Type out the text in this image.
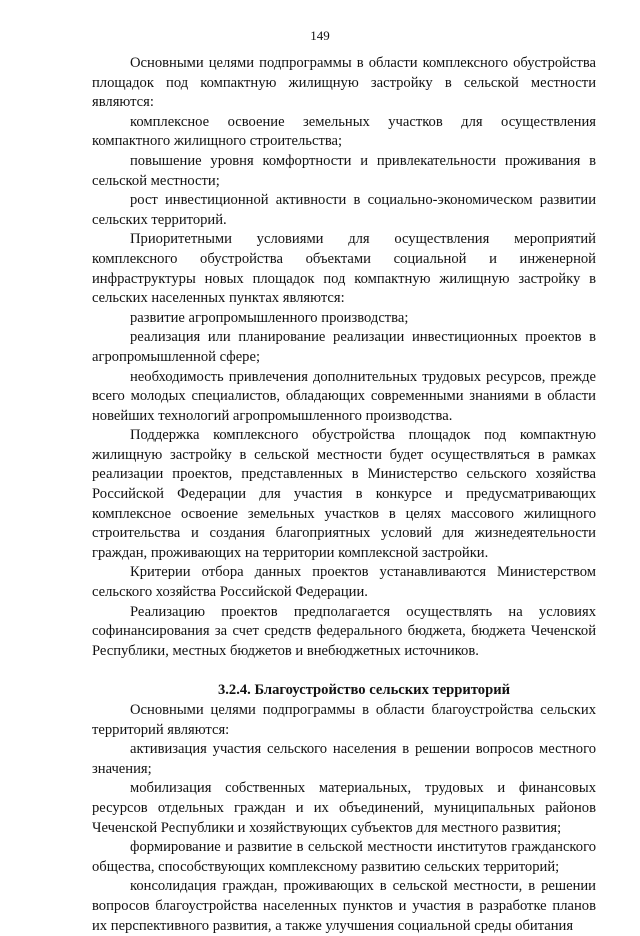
149

Основными целями подпрограммы в области комплексного обустройства площадок под компактную жилищную застройку в сельской местности являются:

комплексное освоение земельных участков для осуществления компактного жилищного строительства;

повышение уровня комфортности и привлекательности проживания в сельской местности;

рост инвестиционной активности в социально-экономическом развитии сельских территорий.

Приоритетными условиями для осуществления мероприятий комплексного обустройства объектами социальной и инженерной инфраструктуры новых площадок под компактную жилищную застройку в сельских населенных пунктах являются:

развитие агропромышленного производства;

реализация или планирование реализации инвестиционных проектов в агропромышленной сфере;

необходимость привлечения дополнительных трудовых ресурсов, прежде всего молодых специалистов, обладающих современными знаниями в области новейших технологий агропромышленного производства.

Поддержка комплексного обустройства площадок под компактную жилищную застройку в сельской местности будет осуществляться в рамках реализации проектов, представленных в Министерство сельского хозяйства Российской Федерации для участия в конкурсе и предусматривающих комплексное освоение земельных участков в целях массового жилищного строительства и создания благоприятных условий для жизнедеятельности граждан, проживающих на территории комплексной застройки.

Критерии отбора данных проектов устанавливаются Министерством сельского хозяйства Российской Федерации.

Реализацию проектов предполагается осуществлять на условиях софинансирования за счет средств федерального бюджета, бюджета Чеченской Республики, местных бюджетов и внебюджетных источников.

3.2.4. Благоустройство сельских территорий

Основными целями подпрограммы в области благоустройства сельских территорий являются:

активизация участия сельского населения в решении вопросов местного значения;

мобилизация собственных материальных, трудовых и финансовых ресурсов отдельных граждан и их объединений, муниципальных районов Чеченской Республики и хозяйствующих субъектов для местного развития;

формирование и развитие в сельской местности институтов гражданского общества, способствующих комплексному развитию сельских территорий;

консолидация граждан, проживающих в сельской местности, в решении вопросов благоустройства населенных пунктов и участия в разработке планов их перспективного развития, а также улучшения социальной среды обитания
